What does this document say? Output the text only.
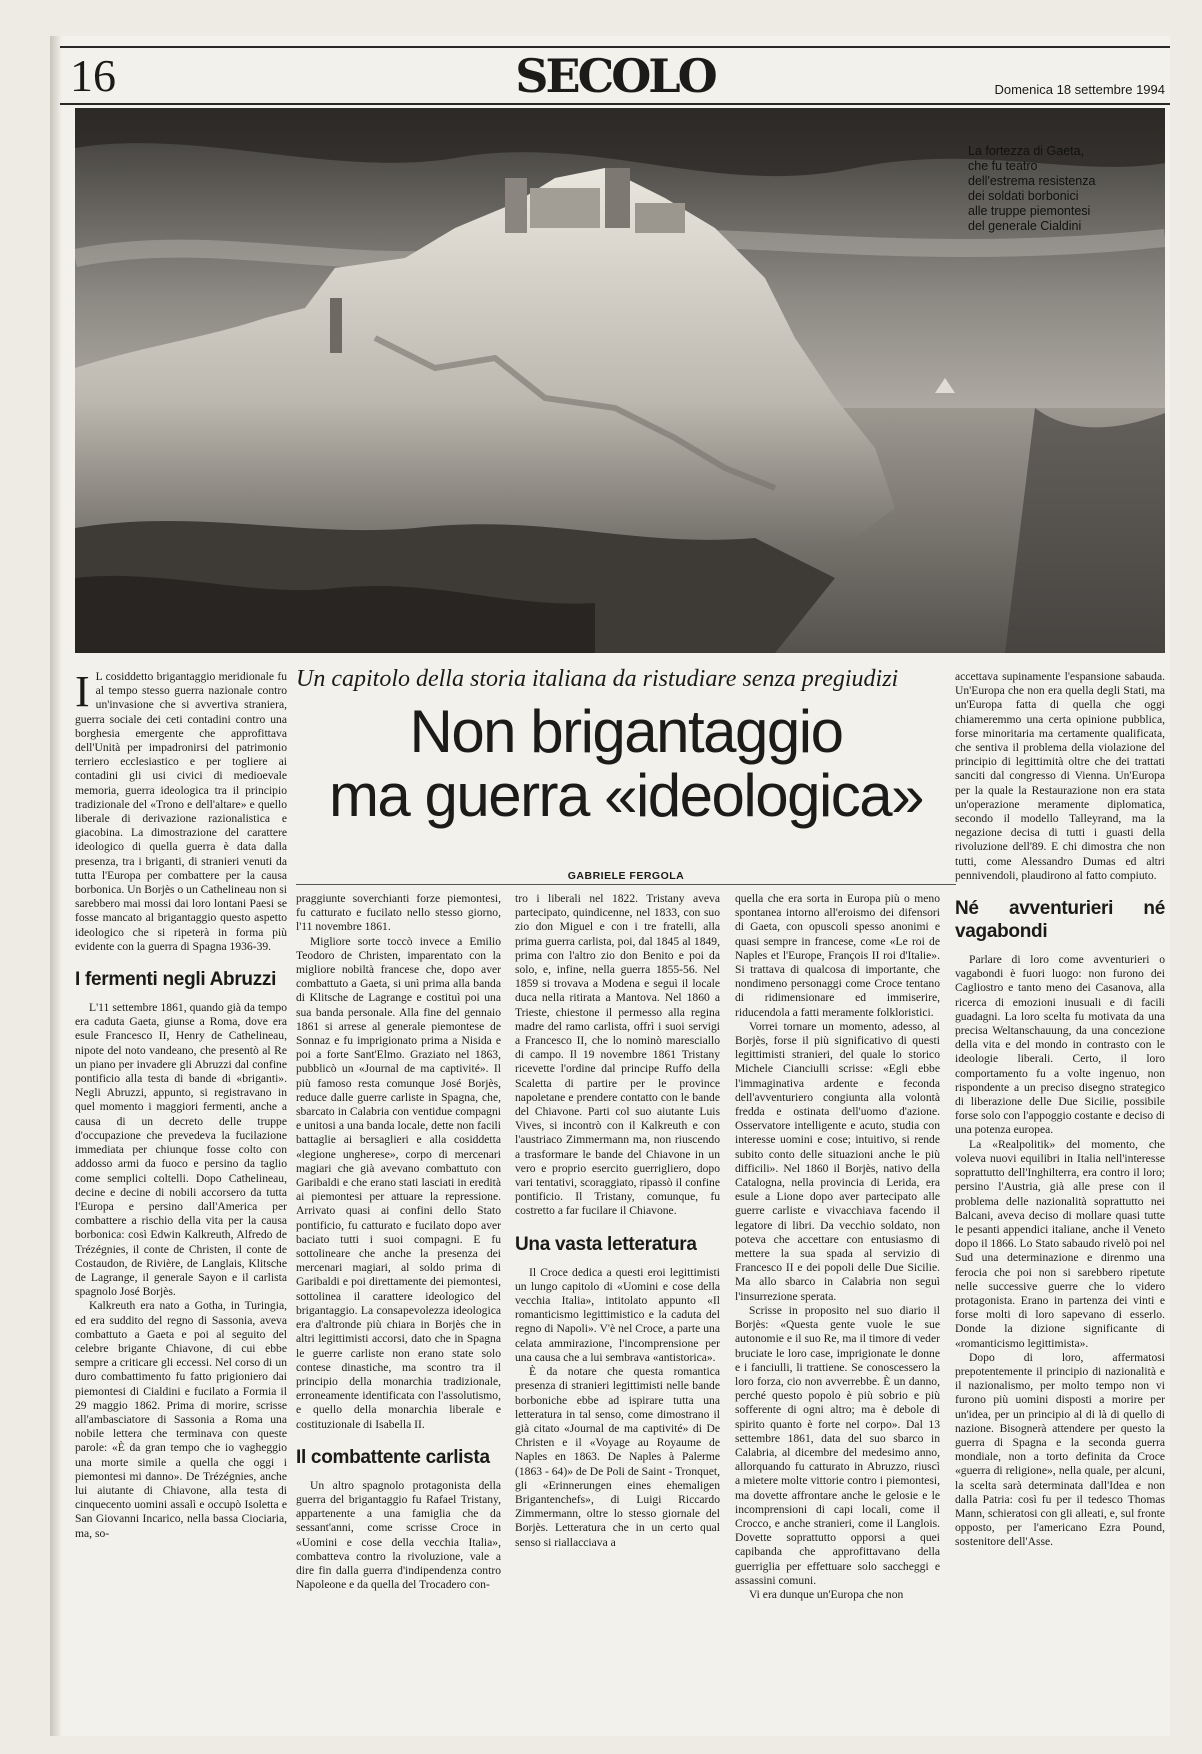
16	SECOLO	Domenica 18 settembre 1994
La fortezza di Gaeta,
che fu teatro
dell'estrema resistenza
dei soldati borbonici
alle truppe piemontesi
del generale Cialdini

I L cosiddetto brigantaggio meridionale fu al tempo stesso guerra nazionale contro un'invasione che si avvertiva straniera, guerra sociale dei ceti contadini contro una borghesia emergente che approfittava dell'Unità per impadronirsi del patrimonio terriero ecclesiastico e per togliere ai contadini gli usi civici di medioevale memoria, guerra ideologica tra il principio tradizionale del «Trono e dell'altare» e quello liberale di derivazione razionalistica e giacobina. La dimostrazione del carattere ideologico di quella guerra è data dalla presenza, tra i briganti, di stranieri venuti da tutta l'Europa per combattere per la causa borbonica. Un Borjès o un Cathelineau non si sarebbero mai mossi dai loro lontani Paesi se fosse mancato al brigantaggio questo aspetto ideologico che si ripeterà in forma più evidente con la guerra di Spagna 1936-39.

I fermenti negli Abruzzi

L'11 settembre 1861, quando già da tempo era caduta Gaeta, giunse a Roma, dove era esule Francesco II, Henry de Cathelineau, nipote del noto vandeano, che presentò al Re un piano per invadere gli Abruzzi dal confine pontificio alla testa di bande di «briganti». Negli Abruzzi, appunto, si registravano in quel momento i maggiori fermenti, anche a causa di un decreto delle truppe d'occupazione che prevedeva la fucilazione immediata per chiunque fosse colto con addosso armi da fuoco e persino da taglio come semplici coltelli. Dopo Cathelineau, decine e decine di nobili accorsero da tutta l'Europa e persino dall'America per combattere a rischio della vita per la causa borbonica: così Edwin Kalkreuth, Alfredo de Trézégnies, il conte de Christen, il conte de Costaudon, de Rivière, de Langlais, Klitsche de Lagrange, il generale Sayon e il carlista spagnolo José Borjès.

Kalkreuth era nato a Gotha, in Turingia, ed era suddito del regno di Sassonia, aveva combattuto a Gaeta e poi al seguito del celebre brigante Chiavone, di cui ebbe sempre a criticare gli eccessi. Nel corso di un duro combattimento fu fatto prigioniero dai piemontesi di Cialdini e fucilato a Formia il 29 maggio 1862. Prima di morire, scrisse all'ambasciatore di Sassonia a Roma una nobile lettera che terminava con queste parole: «È da gran tempo che io vagheggio una morte simile a quella che oggi i piemontesi mi danno». De Trézégnies, anche lui aiutante di Chiavone, alla testa di cinquecento uomini assalì e occupò Isoletta e San Giovanni Incarico, nella bassa Ciociaria, ma, so-

Un capitolo della storia italiana da ristudiare senza pregiudizi
Non brigantaggio
ma guerra «ideologica»
GABRIELE FERGOLA

praggiunte soverchianti forze piemontesi, fu catturato e fucilato nello stesso giorno, l'11 novembre 1861.

Migliore sorte toccò invece a Emilio Teodoro de Christen, imparentato con la migliore nobiltà francese che, dopo aver combattuto a Gaeta, si unì prima alla banda di Klitsche de Lagrange e costituì poi una sua banda personale. Alla fine del gennaio 1861 si arrese al generale piemontese de Sonnaz e fu imprigionato prima a Nisida e poi a forte Sant'Elmo. Graziato nel 1863, pubblicò un «Journal de ma captivité». Il più famoso resta comunque José Borjès, reduce dalle guerre carliste in Spagna, che, sbarcato in Calabria con ventidue compagni e unitosi a una banda locale, dette non facili battaglie ai bersaglieri e alla cosiddetta «legione ungherese», corpo di mercenari magiari che già avevano combattuto con Garibaldi e che erano stati lasciati in eredità ai piemontesi per attuare la repressione. Arrivato quasi ai confini dello Stato pontificio, fu catturato e fucilato dopo aver baciato tutti i suoi compagni. E fu sottolineare che anche la presenza dei mercenari magiari, al soldo prima di Garibaldi e poi direttamente dei piemontesi, sottolinea il carattere ideologico del brigantaggio. La consapevolezza ideologica era d'altronde più chiara in Borjès che in altri legittimisti accorsi, dato che in Spagna le guerre carliste non erano state solo contese dinastiche, ma scontro tra il principio della monarchia tradizionale, erroneamente identificata con l'assolutismo, e quello della monarchia liberale e costituzionale di Isabella II.

Il combattente carlista

Un altro spagnolo protagonista della guerra del brigantaggio fu Rafael Tristany, appartenente a una famiglia che da sessant'anni, come scrisse Croce in «Uomini e cose della vecchia Italia», combatteva contro la rivoluzione, vale a dire fin dalla guerra d'indipendenza contro Napoleone e da quella del Trocadero con-

tro i liberali nel 1822. Tristany aveva partecipato, quindicenne, nel 1833, con suo zio don Miguel e con i tre fratelli, alla prima guerra carlista, poi, dal 1845 al 1849, prima con l'altro zio don Benito e poi da solo, e, infine, nella guerra 1855-56. Nel 1859 si trovava a Modena e seguì il locale duca nella ritirata a Mantova. Nel 1860 a Trieste, chiestone il permesso alla regina madre del ramo carlista, offrì i suoi servigi a Francesco II, che lo nominò maresciallo di campo. Il 19 novembre 1861 Tristany ricevette l'ordine dal principe Ruffo della Scaletta di partire per le province napoletane e prendere contatto con le bande del Chiavone. Parti col suo aiutante Luis Vives, si incontrò con il Kalkreuth e con l'austriaco Zimmermann ma, non riuscendo a trasformare le bande del Chiavone in un vero e proprio esercito guerrigliero, dopo vari tentativi, scoraggiato, ripassò il confine pontificio. Il Tristany, comunque, fu costretto a far fucilare il Chiavone.

Una vasta letteratura

Il Croce dedica a questi eroi legittimisti un lungo capitolo di «Uomini e cose della vecchia Italia», intitolato appunto «Il romanticismo legittimistico e la caduta del regno di Napoli». V'è nel Croce, a parte una celata ammirazione, l'incomprensione per una causa che a lui sembrava «antistorica».

È da notare che questa romantica presenza di stranieri legittimisti nelle bande borboniche ebbe ad ispirare tutta una letteratura in tal senso, come dimostrano il già citato «Journal de ma captivité» di De Christen e il «Voyage au Royaume de Naples en 1863. De Naples à Palerme (1863 - 64)» de De Poli de Saint - Tronquet, gli «Erinnerungen eines ehemaligen Brigantenchefs», di Luigi Riccardo Zimmermann, oltre lo stesso giornale del Borjès. Letteratura che in un certo qual senso si riallacciava a

quella che era sorta in Europa più o meno spontanea intorno all'eroismo dei difensori di Gaeta, con opuscoli spesso anonimi e quasi sempre in francese, come «Le roi de Naples et l'Europe, François II roi d'Italie». Si trattava di qualcosa di importante, che nondimeno personaggi come Croce tentano di ridimensionare ed immiserire, riducendola a fatti meramente folkloristici.

Vorrei tornare un momento, adesso, al Borjès, forse il più significativo di questi legittimisti stranieri, del quale lo storico Michele Cianciulli scrisse: «Egli ebbe l'immaginativa ardente e feconda dell'avventuriero congiunta alla volontà fredda e ostinata dell'uomo d'azione. Osservatore intelligente e acuto, studia con interesse uomini e cose; intuitivo, si rende subito conto delle situazioni anche le più difficili». Nel 1860 il Borjès, nativo della Catalogna, nella provincia di Lerida, era esule a Lione dopo aver partecipato alle guerre carliste e vivacchiava facendo il legatore di libri. Da vecchio soldato, non poteva che accettare con entusiasmo di mettere la sua spada al servizio di Francesco II e dei popoli delle Due Sicilie. Ma allo sbarco in Calabria non seguì l'insurrezione sperata.

Scrisse in proposito nel suo diario il Borjès: «Questa gente vuole le sue autonomie e il suo Re, ma il timore di veder bruciate le loro case, imprigionate le donne e i fanciulli, li trattiene. Se conoscessero la loro forza, cio non avverrebbe. È un danno, perché questo popolo è più sobrio e più sofferente di ogni altro; ma è debole di spirito quanto è forte nel corpo». Dal 13 settembre 1861, data del suo sbarco in Calabria, al dicembre del medesimo anno, allorquando fu catturato in Abruzzo, riuscì a mietere molte vittorie contro i piemontesi, ma dovette affrontare anche le gelosie e le incomprensioni di capi locali, come il Crocco, e anche stranieri, come il Langlois. Dovette soprattutto opporsi a quei capibanda che approfittavano della guerriglia per effettuare solo saccheggi e assassini comuni.

Vi era dunque un'Europa che non

accettava supinamente l'espansione sabauda. Un'Europa che non era quella degli Stati, ma un'Europa fatta di quella che oggi chiameremmo una certa opinione pubblica, forse minoritaria ma certamente qualificata, che sentiva il problema della violazione del principio di legittimità oltre che dei trattati sanciti dal congresso di Vienna. Un'Europa per la quale la Restaurazione non era stata un'operazione meramente diplomatica, secondo il modello Talleyrand, ma la negazione decisa di tutti i guasti della rivoluzione dell'89. E chi dimostra che non tutti, come Alessandro Dumas ed altri pennivendoli, plaudirono al fatto compiuto.

Né avventurieri né vagabondi

Parlare di loro come avventurieri o vagabondi è fuori luogo: non furono dei Cagliostro e tanto meno dei Casanova, alla ricerca di emozioni inusuali e di facili guadagni. La loro scelta fu motivata da una precisa Weltanschauung, da una concezione della vita e del mondo in contrasto con le ideologie liberali. Certo, il loro comportamento fu a volte ingenuo, non rispondente a un preciso disegno strategico di liberazione delle Due Sicilie, possibile forse solo con l'appoggio costante e deciso di una potenza europea.

La «Realpolitik» del momento, che voleva nuovi equilibri in Italia nell'interesse soprattutto dell'Inghilterra, era contro il loro; persino l'Austria, già alle prese con il problema delle nazionalità soprattutto nei Balcani, aveva deciso di mollare quasi tutte le pesanti appendici italiane, anche il Veneto dopo il 1866. Lo Stato sabaudo rivelò poi nel Sud una determinazione e direnmo una ferocia che poi non si sarebbero ripetute nelle successive guerre che lo videro protagonista. Erano in partenza dei vinti e forse molti di loro sapevano di esserlo. Donde la dizione significante di «romanticismo legittimista».

Dopo di loro, affermatosi prepotentemente il principio di nazionalità e il nazionalismo, per molto tempo non vi furono più uomini disposti a morire per un'idea, per un principio al di là di quello di nazione. Bisognerà attendere per questo la guerra di Spagna e la seconda guerra mondiale, non a torto definita da Croce «guerra di religione», nella quale, per alcuni, la scelta sarà determinata dall'Idea e non dalla Patria: così fu per il tedesco Thomas Mann, schieratosi con gli alleati, e, sul fronte opposto, per l'americano Ezra Pound, sostenitore dell'Asse.
